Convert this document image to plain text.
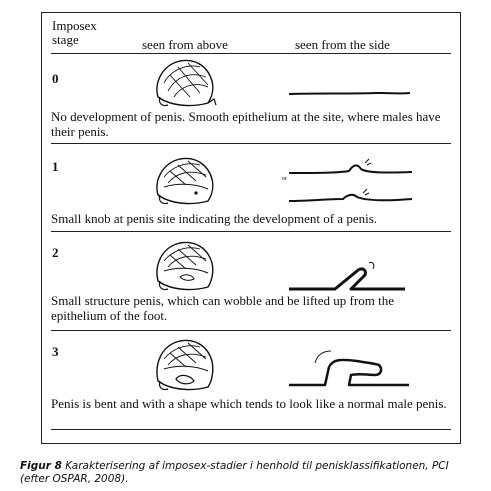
Imposex
stage	seen from above	seen from the side
0
No development of penis. Smooth epithelium at the site, where males have their penis.
1
or
Small knob at penis site indicating the development of a penis.
2
Small structure penis, which can wobble and be lifted up from the epithelium of the foot.
3
Penis is bent and with a shape which tends to look like a normal male penis.
Figur 8 Karakterisering af imposex-stadier i henhold til penisklassifikationen, PCI (efter OSPAR, 2008).
